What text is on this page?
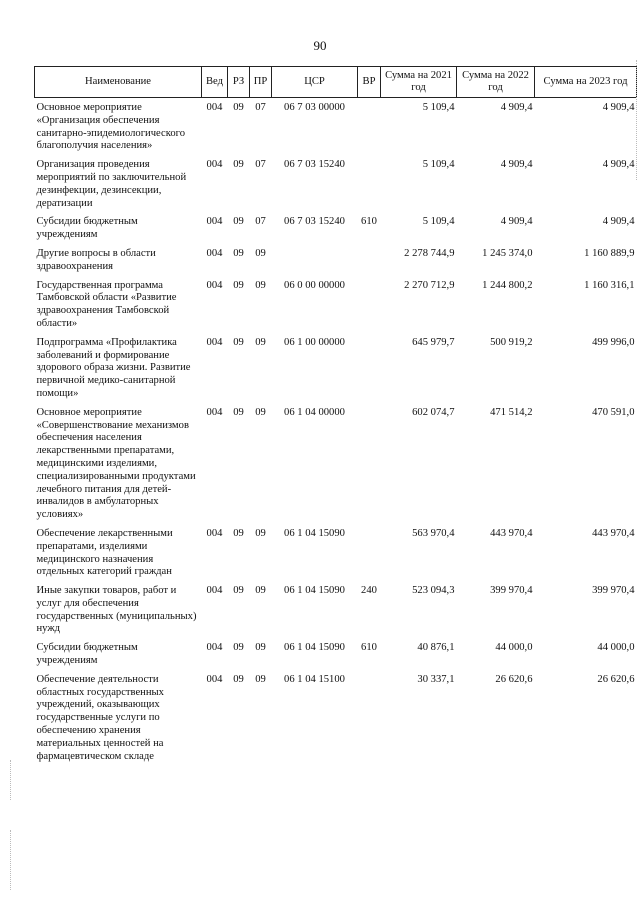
90
Наименование	Вед	РЗ	ПР	ЦСР	ВР	Сумма на 2021 год	Сумма на 2022 год	Сумма на 2023 год
Основное мероприятие «Организация обеспечения санитарно-эпидемиологического благополучия населения»	004	09	07	06 7 03 00000		5 109,4	4 909,4	4 909,4
Организация проведения мероприятий по заключительной дезинфекции, дезинсекции, дератизации	004	09	07	06 7 03 15240		5 109,4	4 909,4	4 909,4
Субсидии бюджетным учреждениям	004	09	07	06 7 03 15240	610	5 109,4	4 909,4	4 909,4
Другие вопросы в области здравоохранения	004	09	09			2 278 744,9	1 245 374,0	1 160 889,9
Государственная программа Тамбовской области «Развитие здравоохранения Тамбовской области»	004	09	09	06 0 00 00000		2 270 712,9	1 244 800,2	1 160 316,1
Подпрограмма «Профилактика заболеваний и формирование здорового образа жизни. Развитие первичной медико-санитарной помощи»	004	09	09	06 1 00 00000		645 979,7	500 919,2	499 996,0
Основное мероприятие «Совершенствование механизмов обеспечения населения лекарственными препаратами, медицинскими изделиями, специализированными продуктами лечебного питания для детей-инвалидов в амбулаторных условиях»	004	09	09	06 1 04 00000		602 074,7	471 514,2	470 591,0
Обеспечение лекарственными препаратами, изделиями медицинского назначения отдельных категорий граждан	004	09	09	06 1 04 15090		563 970,4	443 970,4	443 970,4
Иные закупки товаров, работ и услуг для обеспечения государственных (муниципальных) нужд	004	09	09	06 1 04 15090	240	523 094,3	399 970,4	399 970,4
Субсидии бюджетным учреждениям	004	09	09	06 1 04 15090	610	40 876,1	44 000,0	44 000,0
Обеспечение деятельности областных государственных учреждений, оказывающих государственные услуги по обеспечению хранения материальных ценностей на фармацевтическом складе	004	09	09	06 1 04 15100		30 337,1	26 620,6	26 620,6
